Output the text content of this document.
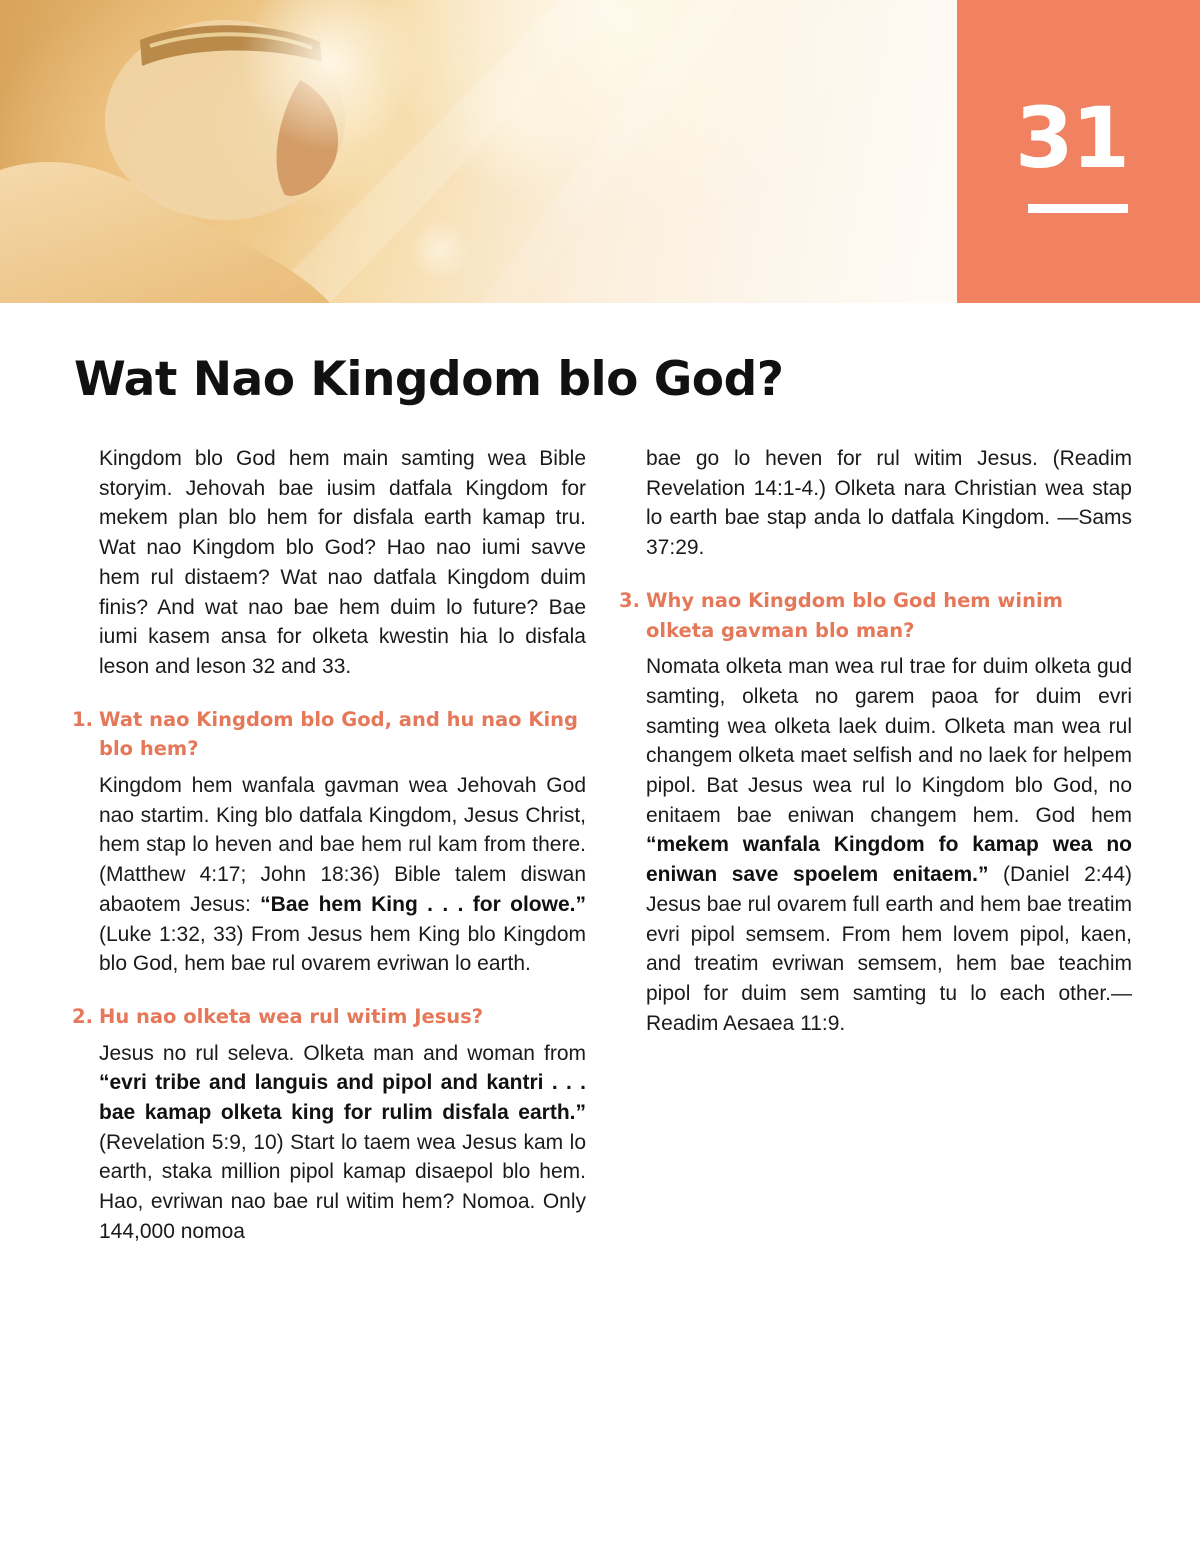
31
Wat Nao Kingdom blo God?

Kingdom blo God hem main samting wea Bible storyim. Jehovah bae iusim datfala Kingdom for mekem plan blo hem for disfala earth kamap tru. Wat nao Kingdom blo God? Hao nao iumi savve hem rul distaem? Wat nao datfala Kingdom duim finis? And wat nao bae hem duim lo future? Bae iumi kasem ansa for olketa kwestin hia lo disfala leson and leson 32 and 33.

1. Wat nao Kingdom blo God, and hu nao King blo hem?

Kingdom hem wanfala gavman wea Jehovah God nao startim. King blo datfala Kingdom, Jesus Christ, hem stap lo heven and bae hem rul kam from there. (Matthew 4:17; John 18:36) Bible talem diswan abaotem Jesus: “Bae hem King . . . for olowe.” (Luke 1:32, 33) From Jesus hem King blo Kingdom blo God, hem bae rul ovarem evriwan lo earth.

2. Hu nao olketa wea rul witim Jesus?

Jesus no rul seleva. Olketa man and woman from “evri tribe and languis and pipol and kantri . . . bae kamap olketa king for rulim disfala earth.” (Revelation 5:9, 10) Start lo taem wea Jesus kam lo earth, staka million pipol kamap disaepol blo hem. Hao, evriwan nao bae rul witim hem? Nomoa. Only 144,000 nomoa

bae go lo heven for rul witim Jesus. (Readim Revelation 14:1-4.) Olketa nara Christian wea stap lo earth bae stap anda lo datfala Kingdom. —Sams 37:29.

3. Why nao Kingdom blo God hem winim olketa gavman blo man?

Nomata olketa man wea rul trae for duim olketa gud samting, olketa no garem paoa for duim evri samting wea olketa laek duim. Olketa man wea rul changem olketa maet selfish and no laek for helpem pipol. Bat Jesus wea rul lo Kingdom blo God, no enitaem bae eniwan changem hem. God hem “mekem wanfala Kingdom fo kamap wea no eniwan save spoelem enitaem.” (Daniel 2:44) Jesus bae rul ovarem full earth and hem bae treatim evri pipol semsem. From hem lovem pipol, kaen, and treatim evriwan semsem, hem bae teachim pipol for duim sem samting tu lo each other.—Readim Aesaea 11:9.
